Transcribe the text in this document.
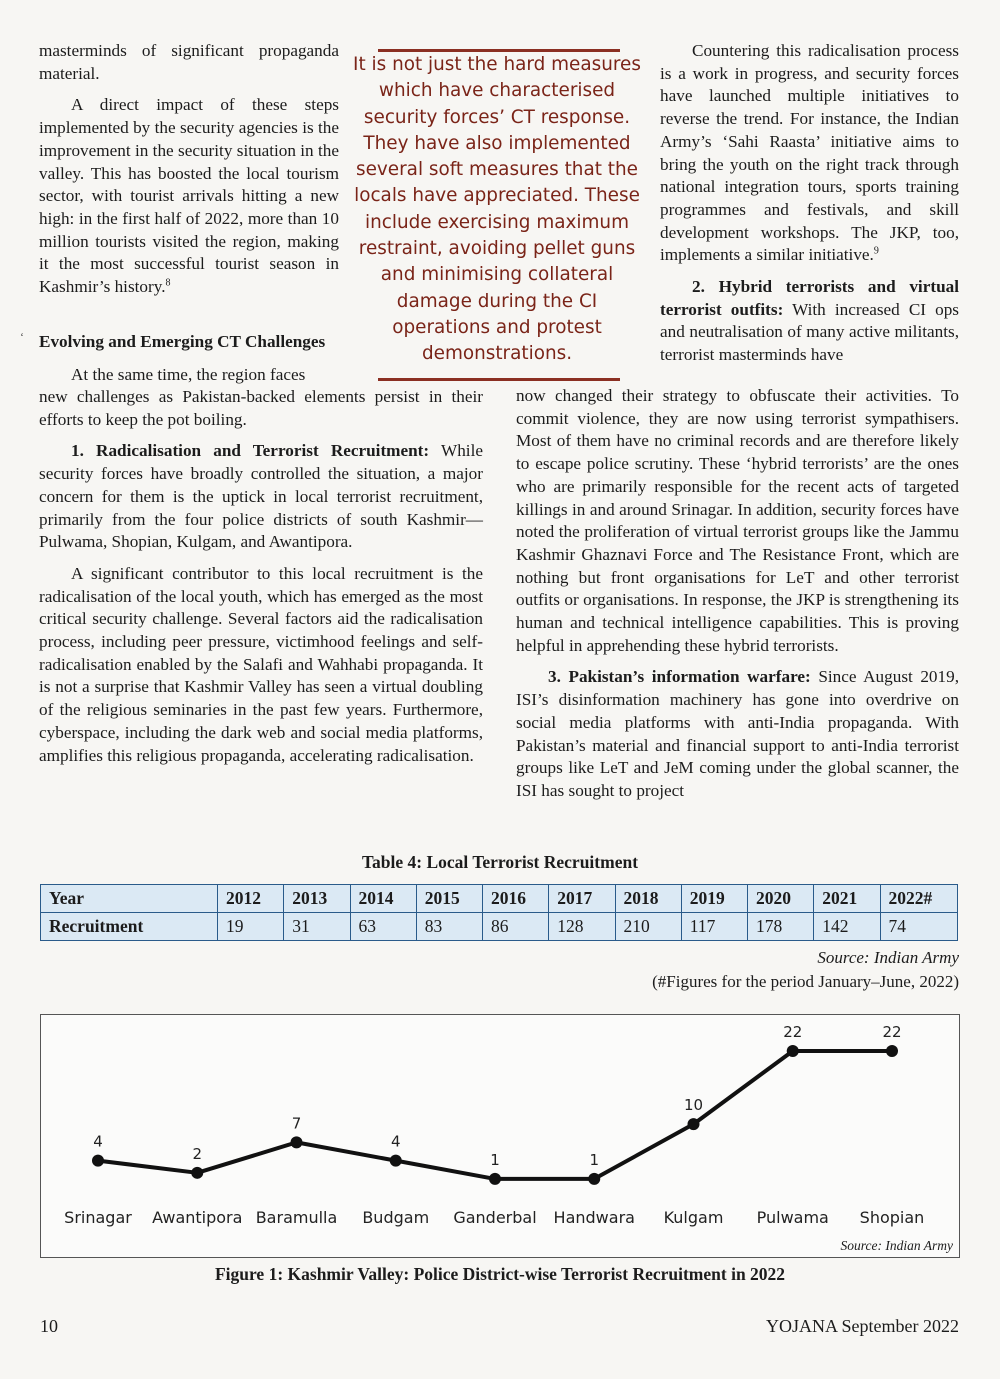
masterminds of significant propaganda material.

A direct impact of these steps implemented by the security agencies is the improvement in the security situation in the valley. This has boosted the local tourism sector, with tourist arrivals hitting a new high: in the first half of 2022, more than 10 million tourists visited the region, making it the most successful tourist season in Kashmir’s history.$^8$

ʻ Evolving and Emerging CT Challenges
At the same time, the region faces
It is not just the hard measures which have characterised security forces’ CT response. They have also implemented several soft measures that the locals have appreciated. These include exercising maximum restraint, avoiding pellet guns and minimising collateral damage during the CI operations and protest demonstrations.

new challenges as Pakistan-backed elements persist in their efforts to keep the pot boiling.

1. Radicalisation and Terrorist Recruitment: While security forces have broadly controlled the situation, a major concern for them is the uptick in local terrorist recruitment, primarily from the four police districts of south Kashmir— Pulwama, Shopian, Kulgam, and Awantipora.

A significant contributor to this local recruitment is the radicalisation of the local youth, which has emerged as the most critical security challenge. Several factors aid the radicalisation process, including peer pressure, victimhood feelings and self-radicalisation enabled by the Salafi and Wahhabi propaganda. It is not a surprise that Kashmir Valley has seen a virtual doubling of the religious seminaries in the past few years. Furthermore, cyberspace, including the dark web and social media platforms, amplifies this religious propaganda, accelerating radicalisation.

Countering this radicalisation process is a work in progress, and security forces have launched multiple initiatives to reverse the trend. For instance, the Indian Army’s ‘Sahi Raasta’ initiative aims to bring the youth on the right track through national integration tours, sports training programmes and festivals, and skill development workshops. The JKP, too, implements a similar initiative.$^9$

2. Hybrid terrorists and virtual terrorist outfits: With increased CI ops and neutralisation of many active militants, terrorist masterminds have

now changed their strategy to obfuscate their activities. To commit violence, they are now using terrorist sympathisers. Most of them have no criminal records and are therefore likely to escape police scrutiny. These ‘hybrid terrorists’ are the ones who are primarily responsible for the recent acts of targeted killings in and around Srinagar. In addition, security forces have noted the proliferation of virtual terrorist groups like the Jammu Kashmir Ghaznavi Force and The Resistance Front, which are nothing but front organisations for LeT and other terrorist outfits or organisations. In response, the JKP is strengthening its human and technical intelligence capabilities. This is proving helpful in apprehending these hybrid terrorists.

3. Pakistan’s information warfare: Since August 2019, ISI’s disinformation machinery has gone into overdrive on social media platforms with anti-India propaganda. With Pakistan’s material and financial support to anti-India terrorist groups like LeT and JeM coming under the global scanner, the ISI has sought to project

Table 4: Local Terrorist Recruitment
Year	2012	2013	2014	2015	2016	2017	2018	2019	2020	2021	2022#
Recruitment	19	31	63	83	86	128	210	117	178	142	74
Source: Indian Army
(#Figures for the period January–June, 2022)
4
Srinagar
2
Awantipora
7
Baramulla
4
Budgam
1
Ganderbal
1
Handwara
10
Kulgam
22
Pulwama
22
Shopian
Source: Indian Army
Figure 1: Kashmir Valley: Police District-wise Terrorist Recruitment in 2022
10	YOJANA September 2022
